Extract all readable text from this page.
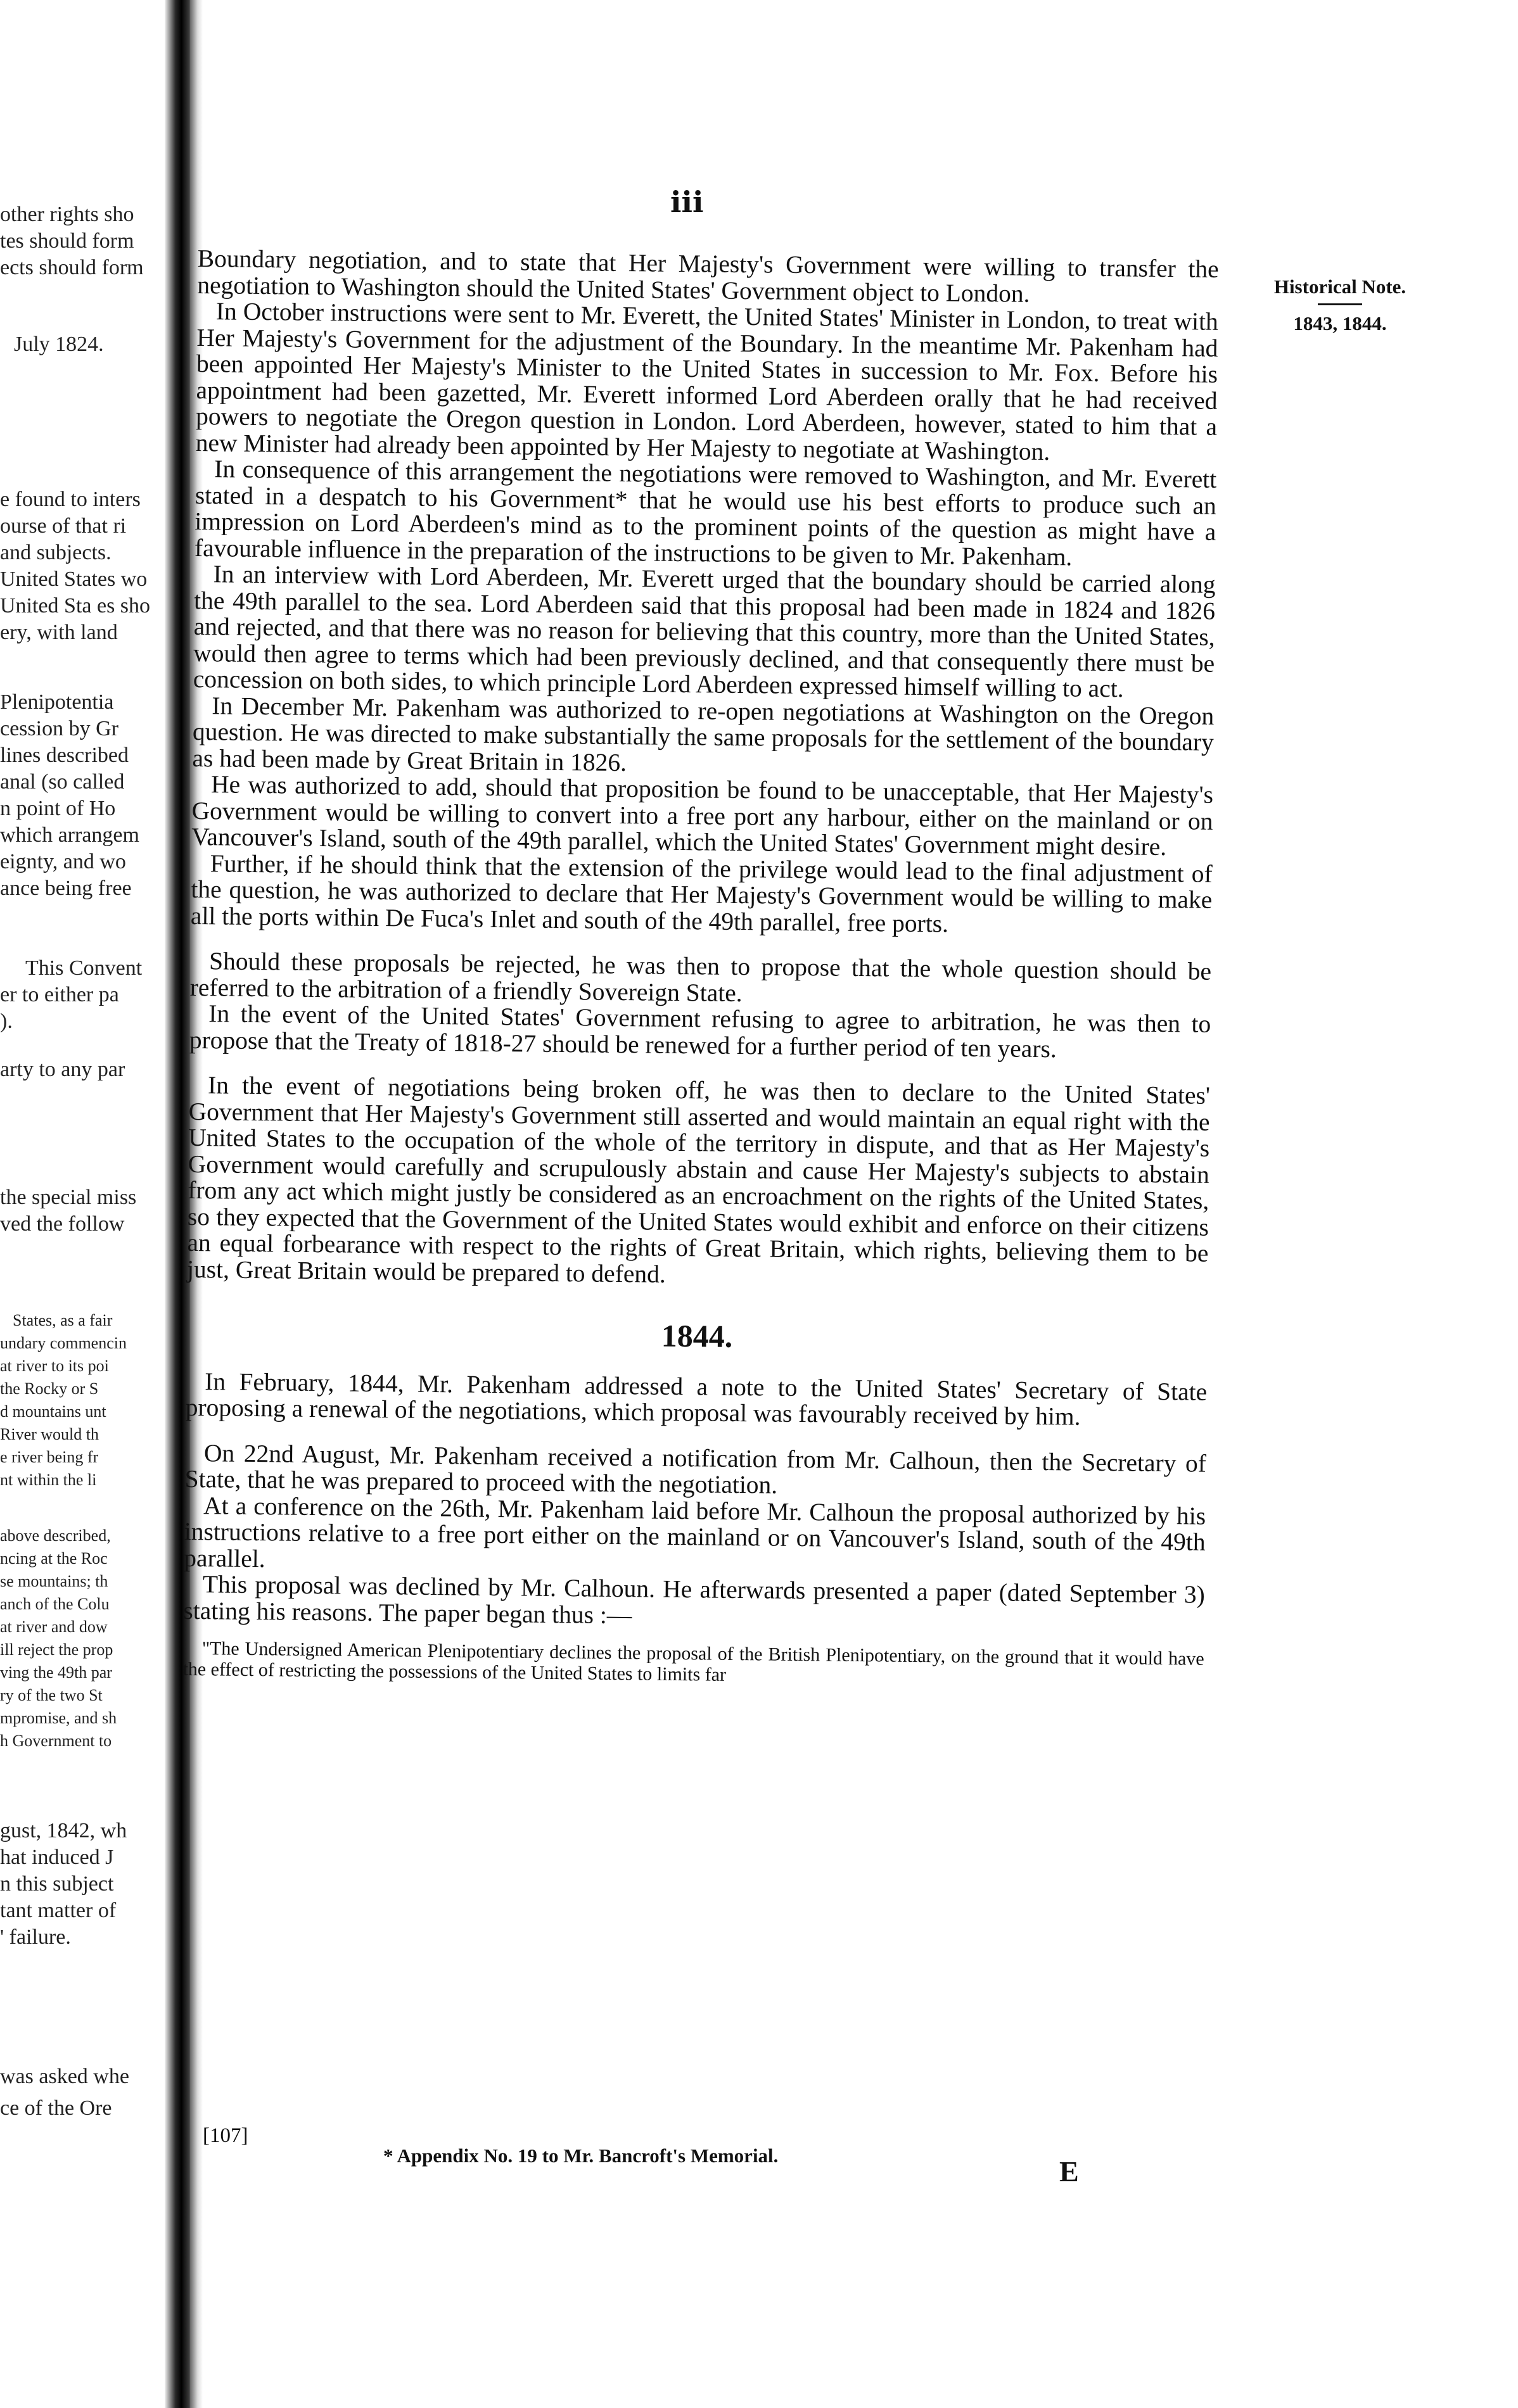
other rights sho
tes should form
ects should form
July 1824.
e found to inters
ourse of that ri
and subjects.
United States wo
United Sta es sho
ery, with land
Plenipotentia
cession by Gr
lines described
anal (so called
n point of Ho
which arrangem
eignty, and wo
ance being free
This Convent
er to either pa
).
arty to any par
the special miss
ved the follow
States, as a fair
undary commencin
at river to its poi
the Rocky or S
d mountains unt
River would th
e river being fr
nt within the li
above described,
ncing at the Roc
se mountains; th
anch of the Colu
at river and dow
ill reject the prop
ving the 49th par
ry of the two St
mpromise, and sh
h Government to
gust, 1842, wh
hat induced J
n this subject
tant matter of
' failure.
was asked whe
ce of the Ore
iii
Historical Note.
1843, 1844.

Boundary negotiation, and to state that Her Majesty's Government were willing to transfer the negotiation to Washington should the United States' Government object to London.

In October instructions were sent to Mr. Everett, the United States' Minister in London, to treat with Her Majesty's Government for the adjustment of the Boundary. In the meantime Mr. Pakenham had been appointed Her Majesty's Minister to the United States in succession to Mr. Fox. Before his appointment had been gazetted, Mr. Everett informed Lord Aberdeen orally that he had received powers to negotiate the Oregon question in London. Lord Aberdeen, however, stated to him that a new Minister had already been appointed by Her Majesty to negotiate at Washington.

In consequence of this arrangement the negotiations were removed to Washington, and Mr. Everett stated in a despatch to his Government* that he would use his best efforts to produce such an impression on Lord Aberdeen's mind as to the prominent points of the question as might have a favourable influence in the preparation of the instructions to be given to Mr. Pakenham.

In an interview with Lord Aberdeen, Mr. Everett urged that the boundary should be carried along the 49th parallel to the sea. Lord Aberdeen said that this proposal had been made in 1824 and 1826 and rejected, and that there was no reason for believing that this country, more than the United States, would then agree to terms which had been previously declined, and that consequently there must be concession on both sides, to which principle Lord Aberdeen expressed himself willing to act.

In December Mr. Pakenham was authorized to re-open negotiations at Washington on the Oregon question. He was directed to make substantially the same proposals for the settlement of the boundary as had been made by Great Britain in 1826.

He was authorized to add, should that proposition be found to be unacceptable, that Her Majesty's Government would be willing to convert into a free port any harbour, either on the mainland or on Vancouver's Island, south of the 49th parallel, which the United States' Government might desire.

Further, if he should think that the extension of the privilege would lead to the final adjustment of the question, he was authorized to declare that Her Majesty's Government would be willing to make all the ports within De Fuca's Inlet and south of the 49th parallel, free ports.

Should these proposals be rejected, he was then to propose that the whole question should be referred to the arbitration of a friendly Sovereign State.

In the event of the United States' Government refusing to agree to arbitration, he was then to propose that the Treaty of 1818-27 should be renewed for a further period of ten years.

In the event of negotiations being broken off, he was then to declare to the United States' Government that Her Majesty's Government still asserted and would maintain an equal right with the United States to the occupation of the whole of the territory in dispute, and that as Her Majesty's Government would carefully and scrupulously abstain and cause Her Majesty's subjects to abstain from any act which might justly be considered as an encroachment on the rights of the United States, so they expected that the Government of the United States would exhibit and enforce on their citizens an equal forbearance with respect to the rights of Great Britain, which rights, believing them to be just, Great Britain would be prepared to defend.

1844.

In February, 1844, Mr. Pakenham addressed a note to the United States' Secretary of State proposing a renewal of the negotiations, which proposal was favourably received by him.

On 22nd August, Mr. Pakenham received a notification from Mr. Calhoun, then the Secretary of State, that he was prepared to proceed with the negotiation.

At a conference on the 26th, Mr. Pakenham laid before Mr. Calhoun the proposal authorized by his instructions relative to a free port either on the mainland or on Vancouver's Island, south of the 49th parallel.

This proposal was declined by Mr. Calhoun. He afterwards presented a paper (dated September 3) stating his reasons. The paper began thus :—

"The Undersigned American Plenipotentiary declines the proposal of the British Plenipotentiary, on the ground that it would have the effect of restricting the possessions of the United States to limits far

[107]
* Appendix No. 19 to Mr. Bancroft's Memorial.	E
